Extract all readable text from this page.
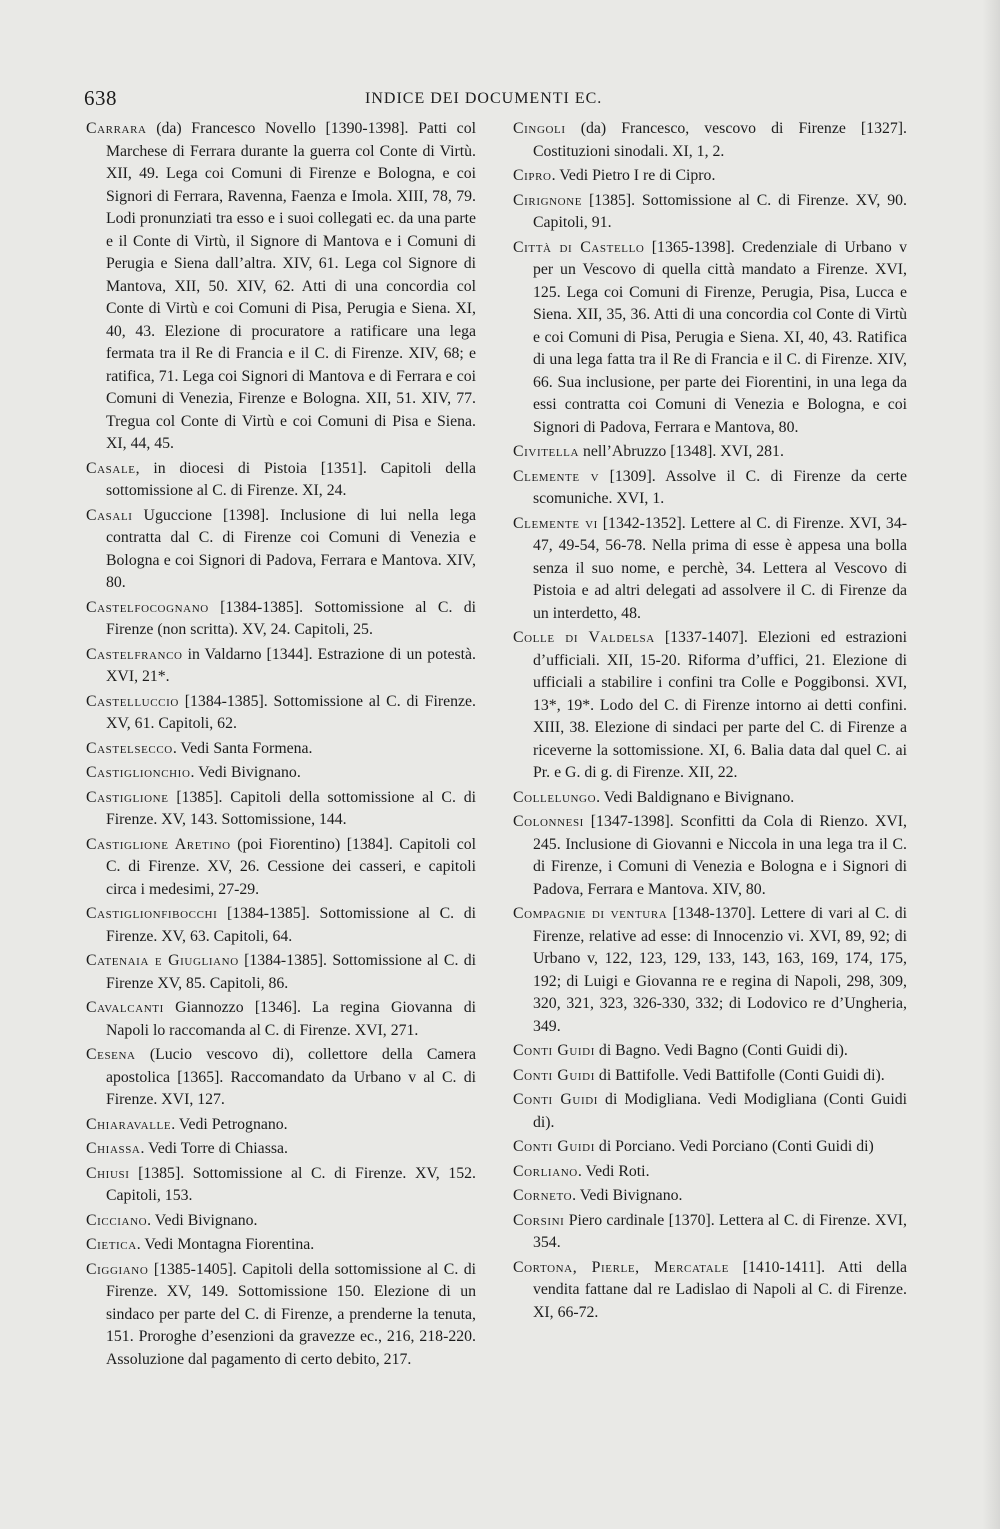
638	INDICE DEI DOCUMENTI EC.

Carrara (da) Francesco Novello [1390-1398]. Patti col Marchese di Ferrara durante la guerra col Conte di Virtù. XII, 49. Lega coi Comuni di Firenze e Bologna, e coi Signori di Ferrara, Ravenna, Faenza e Imola. XIII, 78, 79. Lodi pronunziati tra esso e i suoi collegati ec. da una parte e il Conte di Virtù, il Signore di Mantova e i Comuni di Perugia e Siena dall’altra. XIV, 61. Lega col Signore di Mantova, XII, 50. XIV, 62. Atti di una concordia col Conte di Virtù e coi Comuni di Pisa, Perugia e Siena. XI, 40, 43. Elezione di procuratore a ratificare una lega fermata tra il Re di Francia e il C. di Firenze. XIV, 68; e ratifica, 71. Lega coi Signori di Mantova e di Ferrara e coi Comuni di Venezia, Firenze e Bologna. XII, 51. XIV, 77. Tregua col Conte di Virtù e coi Comuni di Pisa e Siena. XI, 44, 45.

Casale, in diocesi di Pistoia [1351]. Capitoli della sottomissione al C. di Firenze. XI, 24.

Casali Uguccione [1398]. Inclusione di lui nella lega contratta dal C. di Firenze coi Comuni di Venezia e Bologna e coi Signori di Padova, Ferrara e Mantova. XIV, 80.

Castelfocognano [1384-1385]. Sottomissione al C. di Firenze (non scritta). XV, 24. Capitoli, 25.

Castelfranco in Valdarno [1344]. Estrazione di un potestà. XVI, 21*.

Castelluccio [1384-1385]. Sottomissione al C. di Firenze. XV, 61. Capitoli, 62.

Castelsecco. Vedi Santa Formena.

Castiglionchio. Vedi Bivignano.

Castiglione [1385]. Capitoli della sottomissione al C. di Firenze. XV, 143. Sottomissione, 144.

Castiglione Aretino (poi Fiorentino) [1384]. Capitoli col C. di Firenze. XV, 26. Cessione dei casseri, e capitoli circa i medesimi, 27-29.

Castiglionfibocchi [1384-1385]. Sottomissione al C. di Firenze. XV, 63. Capitoli, 64.

Catenaia e Giugliano [1384-1385]. Sottomissione al C. di Firenze XV, 85. Capitoli, 86.

Cavalcanti Giannozzo [1346]. La regina Giovanna di Napoli lo raccomanda al C. di Firenze. XVI, 271.

Cesena (Lucio vescovo di), collettore della Camera apostolica [1365]. Raccomandato da Urbano v al C. di Firenze. XVI, 127.

Chiaravalle. Vedi Petrognano.

Chiassa. Vedi Torre di Chiassa.

Chiusi [1385]. Sottomissione al C. di Firenze. XV, 152. Capitoli, 153.

Cicciano. Vedi Bivignano.

Cietica. Vedi Montagna Fiorentina.

Ciggiano [1385-1405]. Capitoli della sottomissione al C. di Firenze. XV, 149. Sottomissione 150. Elezione di un sindaco per parte del C. di Firenze, a prenderne la tenuta, 151. Proroghe d’esenzioni da gravezze ec., 216, 218-220. Assoluzione dal pagamento di certo debito, 217.

Cingoli (da) Francesco, vescovo di Firenze [1327]. Costituzioni sinodali. XI, 1, 2.

Cipro. Vedi Pietro I re di Cipro.

Cirignone [1385]. Sottomissione al C. di Firenze. XV, 90. Capitoli, 91.

Città di Castello [1365-1398]. Credenziale di Urbano v per un Vescovo di quella città mandato a Firenze. XVI, 125. Lega coi Comuni di Firenze, Perugia, Pisa, Lucca e Siena. XII, 35, 36. Atti di una concordia col Conte di Virtù e coi Comuni di Pisa, Perugia e Siena. XI, 40, 43. Ratifica di una lega fatta tra il Re di Francia e il C. di Firenze. XIV, 66. Sua inclusione, per parte dei Fiorentini, in una lega da essi contratta coi Comuni di Venezia e Bologna, e coi Signori di Padova, Ferrara e Mantova, 80.

Civitella nell’Abruzzo [1348]. XVI, 281.

Clemente v [1309]. Assolve il C. di Firenze da certe scomuniche. XVI, 1.

Clemente vi [1342-1352]. Lettere al C. di Firenze. XVI, 34-47, 49-54, 56-78. Nella prima di esse è appesa una bolla senza il suo nome, e perchè, 34. Lettera al Vescovo di Pistoia e ad altri delegati ad assolvere il C. di Firenze da un interdetto, 48.

Colle di Valdelsa [1337-1407]. Elezioni ed estrazioni d’ufficiali. XII, 15-20. Riforma d’uffici, 21. Elezione di ufficiali a stabilire i confini tra Colle e Poggibonsi. XVI, 13*, 19*. Lodo del C. di Firenze intorno ai detti confini. XIII, 38. Elezione di sindaci per parte del C. di Firenze a riceverne la sottomissione. XI, 6. Balia data dal quel C. ai Pr. e G. di g. di Firenze. XII, 22.

Collelungo. Vedi Baldignano e Bivignano.

Colonnesi [1347-1398]. Sconfitti da Cola di Rienzo. XVI, 245. Inclusione di Giovanni e Niccola in una lega tra il C. di Firenze, i Comuni di Venezia e Bologna e i Signori di Padova, Ferrara e Mantova. XIV, 80.

Compagnie di ventura [1348-1370]. Lettere di vari al C. di Firenze, relative ad esse: di Innocenzio vi. XVI, 89, 92; di Urbano v, 122, 123, 129, 133, 143, 163, 169, 174, 175, 192; di Luigi e Giovanna re e regina di Napoli, 298, 309, 320, 321, 323, 326-330, 332; di Lodovico re d’Ungheria, 349.

Conti Guidi di Bagno. Vedi Bagno (Conti Guidi di).

Conti Guidi di Battifolle. Vedi Battifolle (Conti Guidi di).

Conti Guidi di Modigliana. Vedi Modigliana (Conti Guidi di).

Conti Guidi di Porciano. Vedi Porciano (Conti Guidi di)

Corliano. Vedi Roti.

Corneto. Vedi Bivignano.

Corsini Piero cardinale [1370]. Lettera al C. di Firenze. XVI, 354.

Cortona, Pierle, Mercatale [1410-1411]. Atti della vendita fattane dal re Ladislao di Napoli al C. di Firenze. XI, 66-72.
